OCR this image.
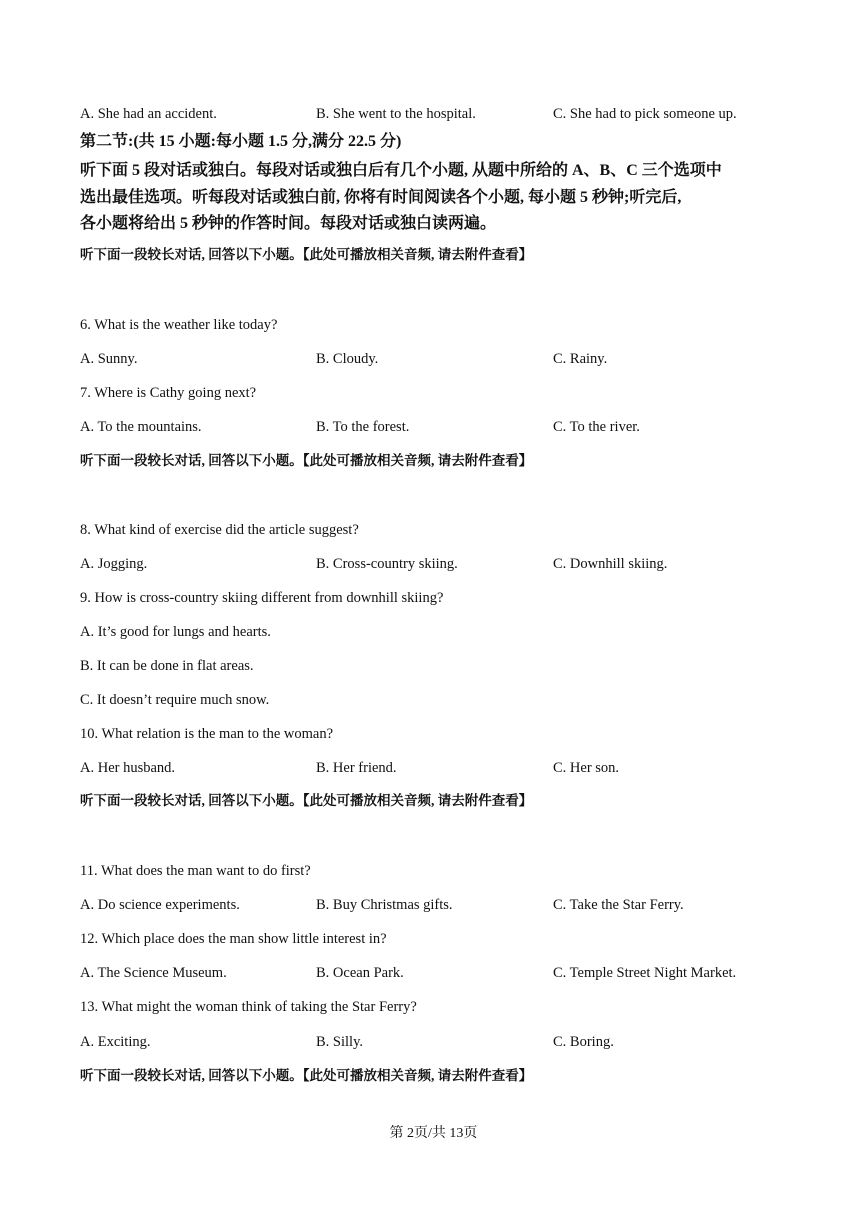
A. She had an accident.	B. She went to the hospital.	C. She had to pick someone up.
第二节:(共 15 小题:每小题 1.5 分,满分 22.5 分)
听下面 5 段对话或独白。每段对话或独白后有几个小题, 从题中所给的 A、B、C 三个选项中
选出最佳选项。听每段对话或独白前, 你将有时间阅读各个小题, 每小题 5 秒钟;听完后,
各小题将给出 5 秒钟的作答时间。每段对话或独白读两遍。
听下面一段较长对话, 回答以下小题。【此处可播放相关音频, 请去附件查看】
6. What is the weather like today?
A. Sunny.	B. Cloudy.	C. Rainy.
7. Where is Cathy going next?
A. To the mountains.	B. To the forest.	C. To the river.
听下面一段较长对话, 回答以下小题。【此处可播放相关音频, 请去附件查看】
8. What kind of exercise did the article suggest?
A. Jogging.	B. Cross-country skiing.	C. Downhill skiing.
9. How is cross-country skiing different from downhill skiing?
A. It’s good for lungs and hearts.
B. It can be done in flat areas.
C. It doesn’t require much snow.
10. What relation is the man to the woman?
A. Her husband.	B. Her friend.	C. Her son.
听下面一段较长对话, 回答以下小题。【此处可播放相关音频, 请去附件查看】
11. What does the man want to do first?
A. Do science experiments.	B. Buy Christmas gifts.	C. Take the Star Ferry.
12. Which place does the man show little interest in?
A. The Science Museum.	B. Ocean Park.	C. Temple Street Night Market.
13. What might the woman think of taking the Star Ferry?
A. Exciting.	B. Silly.	C. Boring.
听下面一段较长对话, 回答以下小题。【此处可播放相关音频, 请去附件查看】
第 2页/共 13页
